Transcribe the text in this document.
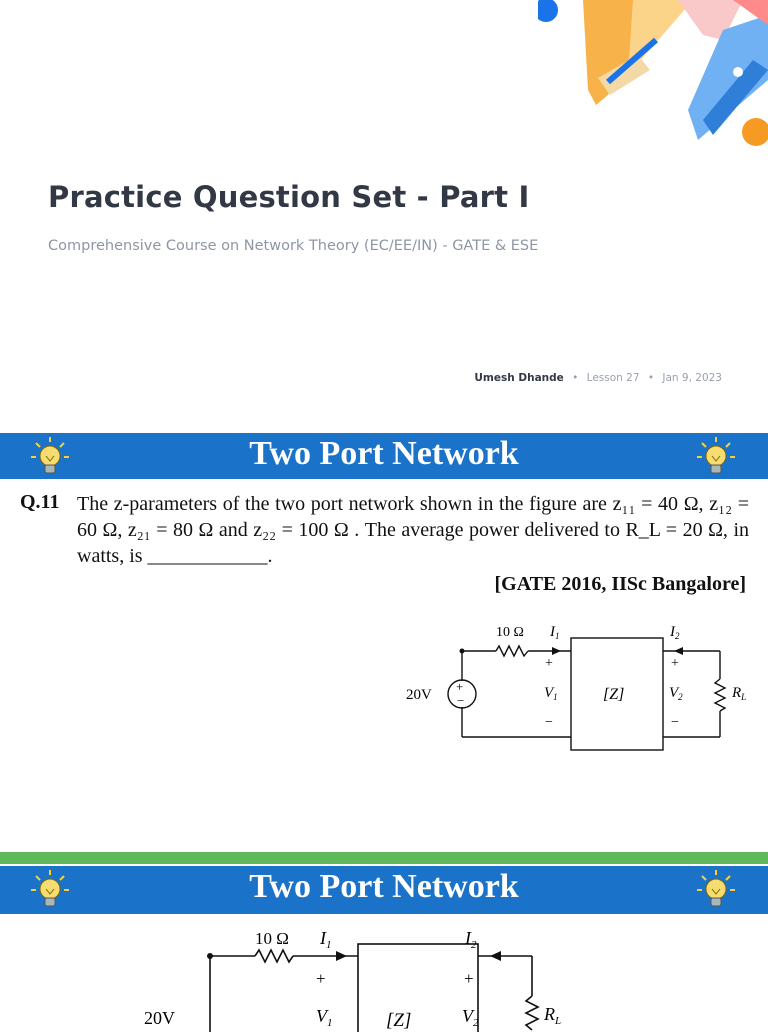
Practice Question Set - Part I
Comprehensive Course on Network Theory (EC/EE/IN) - GATE & ESE
Umesh Dhande • Lesson 27 • Jan 9, 2023
Two Port Network
Q.11 The z-parameters of the two port network shown in the figure are z₁₁ = 40 Ω, z₁₂ = 60 Ω, z₂₁ = 80 Ω and z₂₂ = 100 Ω . The average power delivered to R_L = 20 Ω, in watts, is ____________.
[GATE 2016, IISc Bangalore]
10 Ω $I_1$	$I_2$
+
−
20V
+
−
$V_1$
+
−
$V_2$
[Z]	$R_L$
Two Port Network
10 Ω $I_1$	$I_2$
+	+
$V_1$	$V_2$
20V	[Z]	$R_L$
